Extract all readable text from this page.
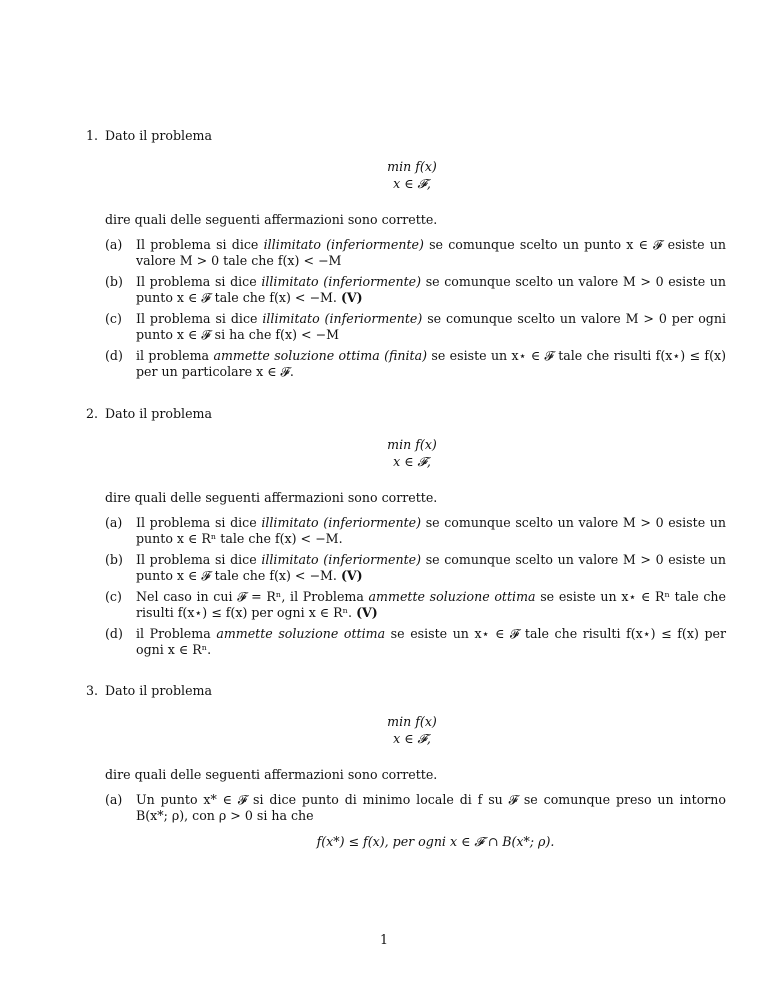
1. Dato il problema
min f(x)
x ∈ 𝓕,
dire quali delle seguenti affermazioni sono corrette.
(a)	Il problema si dice illimitato (inferiormente) se comunque scelto un punto x ∈ 𝓕 esiste un valore M > 0 tale che f(x) < −M
(b)	Il problema si dice illimitato (inferiormente) se comunque scelto un valore M > 0 esiste un punto x ∈ 𝓕 tale che f(x) < −M. (V)
(c)	Il problema si dice illimitato (inferiormente) se comunque scelto un valore M > 0 per ogni punto x ∈ 𝓕 si ha che f(x) < −M
(d)	il problema ammette soluzione ottima (finita) se esiste un x⋆ ∈ 𝓕 tale che risulti f(x⋆) ≤ f(x) per un particolare x ∈ 𝓕.
2. Dato il problema
min f(x)
x ∈ 𝓕,
dire quali delle seguenti affermazioni sono corrette.
(a)	Il problema si dice illimitato (inferiormente) se comunque scelto un valore M > 0 esiste un punto x ∈ Rⁿ tale che f(x) < −M.
(b)	Il problema si dice illimitato (inferiormente) se comunque scelto un valore M > 0 esiste un punto x ∈ 𝓕 tale che f(x) < −M. (V)
(c)	Nel caso in cui 𝓕 = Rⁿ, il Problema ammette soluzione ottima se esiste un x⋆ ∈ Rⁿ tale che risulti f(x⋆) ≤ f(x) per ogni x ∈ Rⁿ. (V)
(d)	il Problema ammette soluzione ottima se esiste un x⋆ ∈ 𝓕 tale che risulti f(x⋆) ≤ f(x) per ogni x ∈ Rⁿ.
3. Dato il problema
min f(x)
x ∈ 𝓕,
dire quali delle seguenti affermazioni sono corrette.
(a)	Un punto x* ∈ 𝓕 si dice punto di minimo locale di f su 𝓕 se comunque preso un intorno B(x*; ρ), con ρ > 0 si ha che
f(x*) ≤ f(x), per ogni x ∈ 𝓕 ∩ B(x*; ρ).
1
